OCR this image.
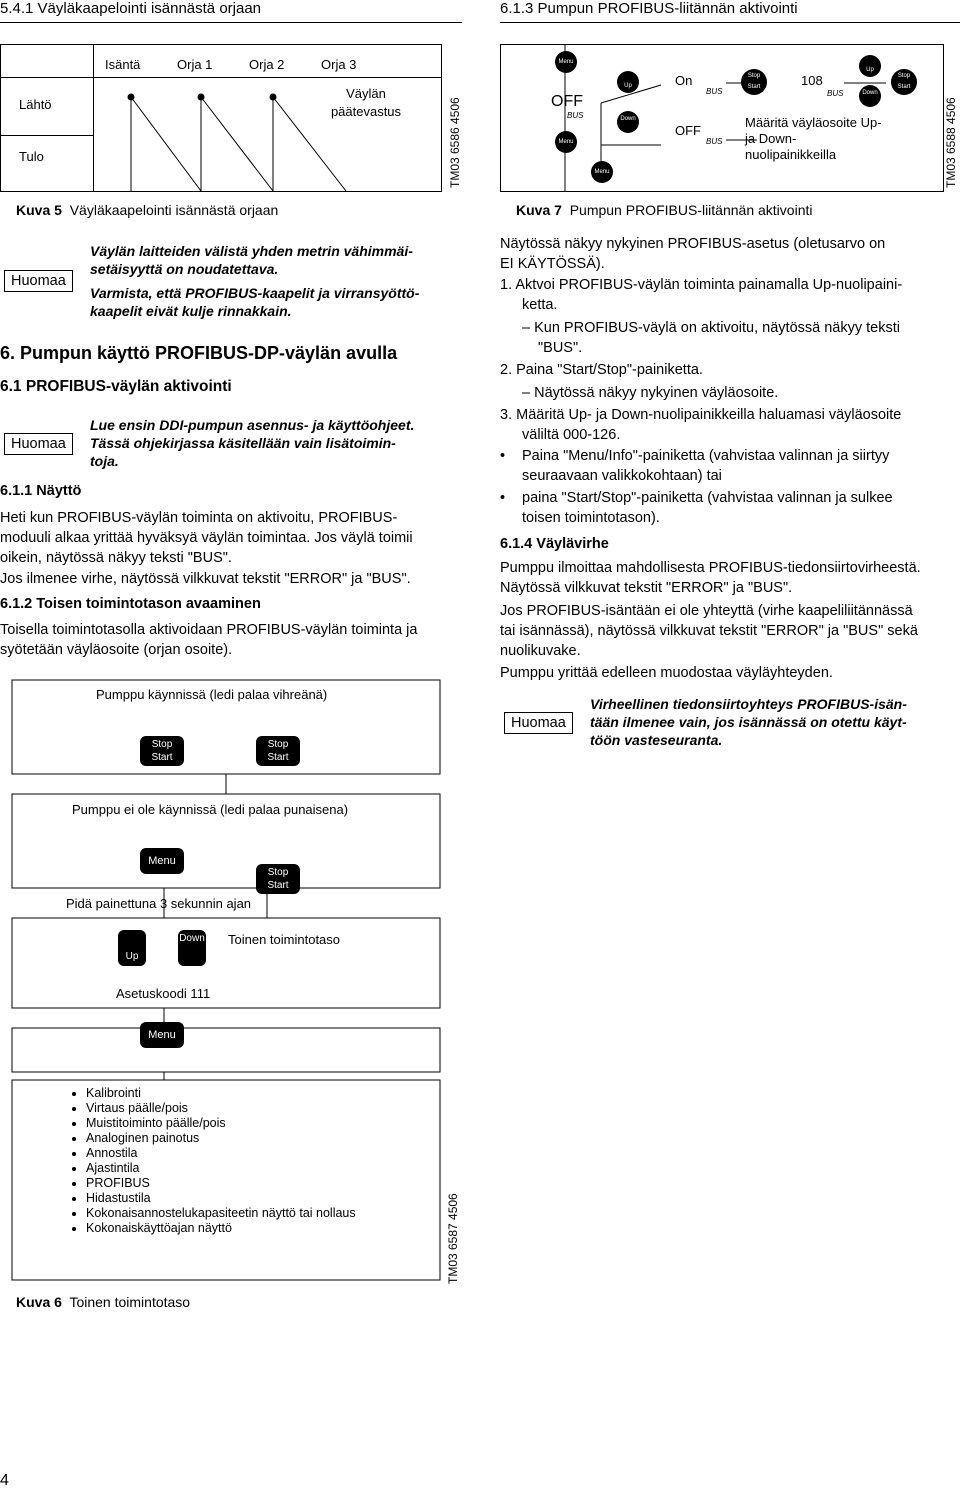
5.4.1 Väyläkaapelointi isännästä orjaan	6.1.3 Pumpun PROFIBUS-liitännän aktivointi
Isäntä	Orja 1	Orja 2	Orja 3
Väylän päätevastus
Lähtö
Tulo	TM03 6586 4506
Kuva 5 Väyläkaapelointi isännästä orjaan
Menu
OFF
BUS
Menu
Menu
Up
Down
On
BUS
OFF
BUS
Stop
Start	108
BUS
Up
Down
Stop
Start
Määritä väyläosoite Up- ja Down-nuolipainikkeilla	TM03 6588 4506
Kuva 7 Pumpun PROFIBUS-liitännän aktivointi
Huomaa
Väylän laitteiden välistä yhden metrin vähimmäi-
setäisyyttä on noudatettava.
Varmista, että PROFIBUS-kaapelit ja virransyöttö-
kaapelit eivät kulje rinnakkain.
6. Pumpun käyttö PROFIBUS-DP-väylän avulla
6.1 PROFIBUS-väylän aktivointi
Huomaa
Lue ensin DDI-pumpun asennus- ja käyttöohjeet.
Tässä ohjekirjassa käsitellään vain lisätoimin-
toja.
6.1.1 Näyttö
Heti kun PROFIBUS-väylän toiminta on aktivoitu, PROFIBUS-
moduuli alkaa yrittää hyväksyä väylän toimintaa. Jos väylä toimii
oikein, näytössä näkyy teksti "BUS".
Jos ilmenee virhe, näytössä vilkkuvat tekstit "ERROR" ja "BUS".
6.1.2 Toisen toimintotason avaaminen
Toisella toimintotasolla aktivoidaan PROFIBUS-väylän toiminta ja
syötetään väyläosoite (orjan osoite).
Pumppu käynnissä (ledi palaa vihreänä)
Stop
Start
Stop
Start
Pumppu ei ole käynnissä (ledi palaa punaisena)
Menu
Stop
Start
Pidä painettuna 3 sekunnin ajan
Up
Down Toinen toimintotaso
Asetuskoodi 111
Menu
• Kalibrointi
• Virtaus päälle/pois
• Muistitoiminto päälle/pois
• Analoginen painotus
• Annostila
• Ajastintila
• PROFIBUS
• Hidastustila
• Kokonaisannostelukapasiteetin näyttö tai nollaus
• Kokonaiskäyttöajan näyttö	TM03 6587 4506
Kuva 6 Toinen toimintotaso
Näytössä näkyy nykyinen PROFIBUS-asetus (oletusarvo on
EI KÄYTÖSSÄ).
1. Aktvoi PROFIBUS-väylän toiminta painamalla Up-nuolipaini-
ketta.
– Kun PROFIBUS-väylä on aktivoitu, näytössä näkyy teksti
"BUS".
2. Paina "Start/Stop"-painiketta.
– Näytössä näkyy nykyinen väyläosoite.
3. Määritä Up- ja Down-nuolipainikkeilla haluamasi väyläosoite
väliltä 000-126.
• Paina "Menu/Info"-painiketta (vahvistaa valinnan ja siirtyy
seuraavaan valikkokohtaan) tai
• paina "Start/Stop"-painiketta (vahvistaa valinnan ja sulkee
toisen toimintotason).
6.1.4 Väylävirhe
Pumppu ilmoittaa mahdollisesta PROFIBUS-tiedonsiirtovirheestä.
Näytössä vilkkuvat tekstit "ERROR" ja "BUS".
Jos PROFIBUS-isäntään ei ole yhteyttä (virhe kaapeliliitännässä
tai isännässä), näytössä vilkkuvat tekstit "ERROR" ja "BUS" sekä
nuolikuvake.
Pumppu yrittää edelleen muodostaa väyläyhteyden.
Huomaa
Virheellinen tiedonsiirtoyhteys PROFIBUS-isän-
tään ilmenee vain, jos isännässä on otettu käyt-
töön vasteseuranta.
4
